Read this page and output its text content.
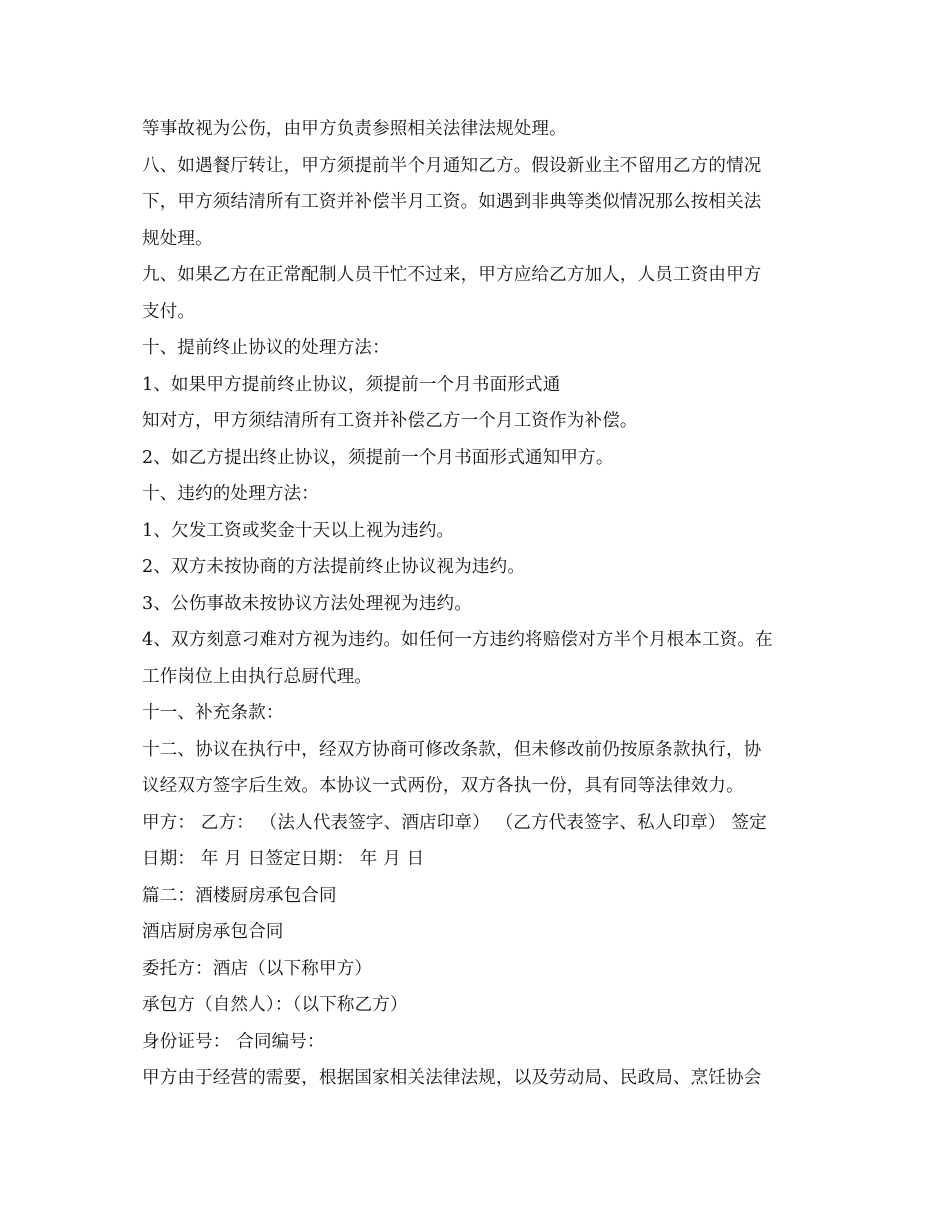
等事故视为公伤，由甲方负责参照相关法律法规处理。
八、如遇餐厅转让，甲方须提前半个月通知乙方。假设新业主不留用乙方的情况
下，甲方须结清所有工资并补偿半月工资。如遇到非典等类似情况那么按相关法
规处理。
九、如果乙方在正常配制人员干忙不过来，甲方应给乙方加人，人员工资由甲方
支付。
十、提前终止协议的处理方法：
1、如果甲方提前终止协议，须提前一个月书面形式通
知对方，甲方须结清所有工资并补偿乙方一个月工资作为补偿。
2、如乙方提出终止协议，须提前一个月书面形式通知甲方。
十、违约的处理方法：
1、欠发工资或奖金十天以上视为违约。
2、双方未按协商的方法提前终止协议视为违约。
3、公伤事故未按协议方法处理视为违约。
4、双方刻意刁难对方视为违约。如任何一方违约将赔偿对方半个月根本工资。在
工作岗位上由执行总厨代理。
十一、补充条款：
十二、协议在执行中，经双方协商可修改条款，但未修改前仍按原条款执行，协
议经双方签字后生效。本协议一式两份，双方各执一份，具有同等法律效力。
甲方： 乙方： （法人代表签字、酒店印章） （乙方代表签字、私人印章） 签定
日期： 年 月 日签定日期： 年 月 日
篇二：酒楼厨房承包合同
酒店厨房承包合同
委托方：酒店（以下称甲方）
承包方（自然人）：（以下称乙方）
身份证号： 合同编号：
甲方由于经营的需要，根据国家相关法律法规，以及劳动局、民政局、烹饪协会
